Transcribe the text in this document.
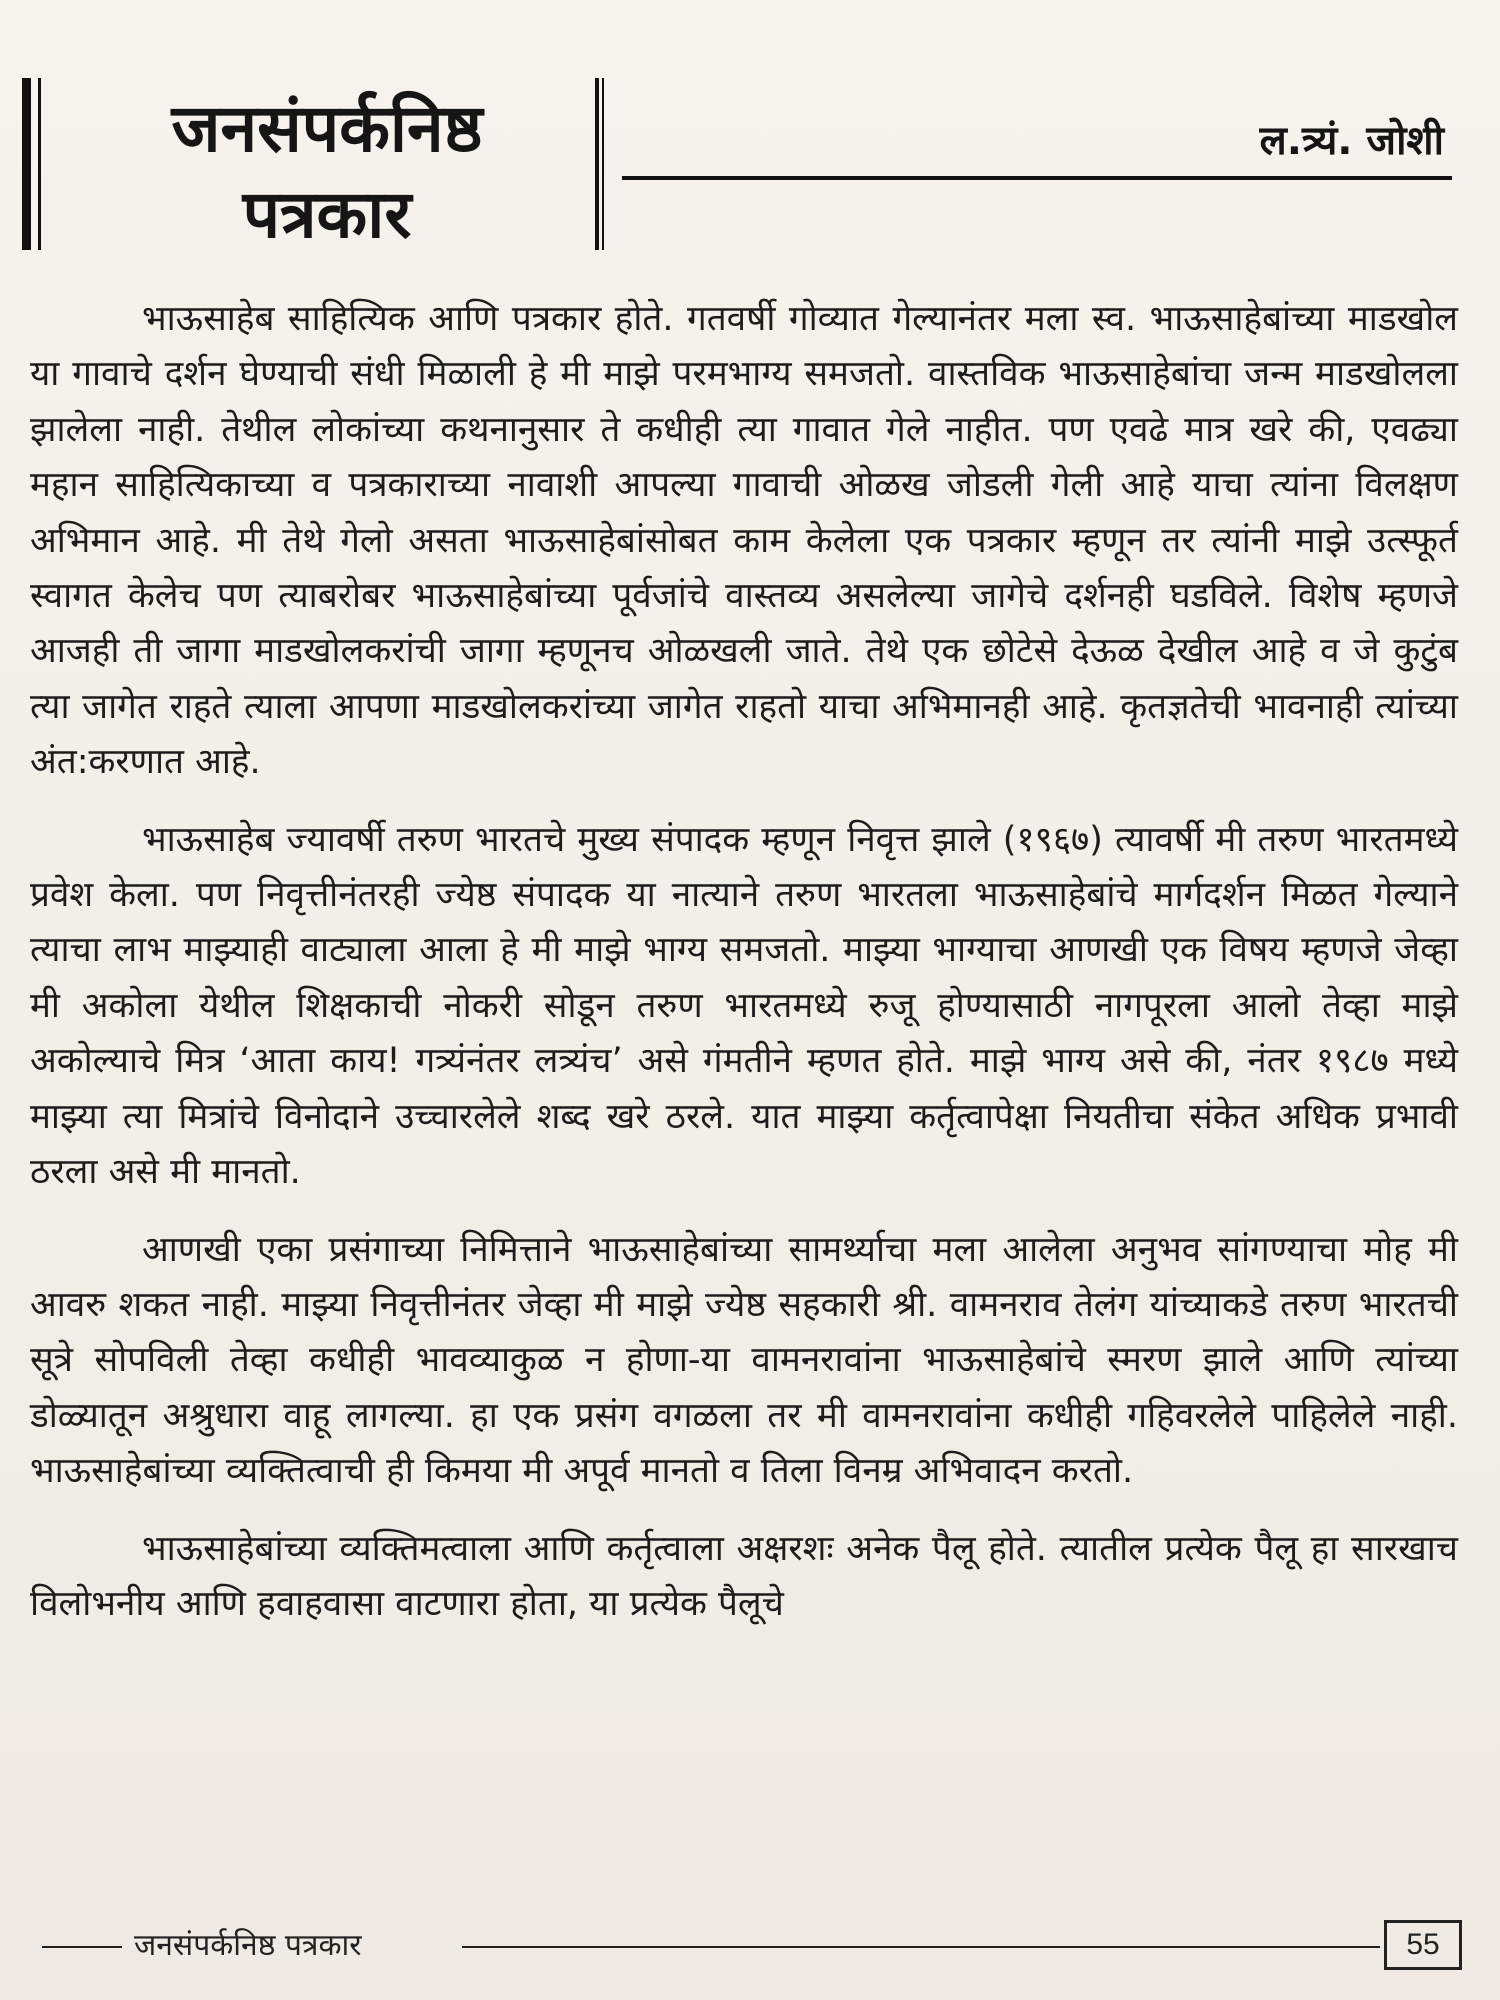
जनसंपर्कनिष्ठ
पत्रकार
ल.त्र्यं. जोशी

भाऊसाहेब साहित्यिक आणि पत्रकार होते. गतवर्षी गोव्यात गेल्यानंतर मला स्व. भाऊसाहेबांच्या माडखोल या गावाचे दर्शन घेण्याची संधी मिळाली हे मी माझे परमभाग्य समजतो. वास्तविक भाऊसाहेबांचा जन्म माडखोलला झालेला नाही. तेथील लोकांच्या कथनानुसार ते कधीही त्या गावात गेले नाहीत. पण एवढे मात्र खरे की, एवढ्या महान साहित्यिकाच्या व पत्रकाराच्या नावाशी आपल्या गावाची ओळख जोडली गेली आहे याचा त्यांना विलक्षण अभिमान आहे. मी तेथे गेलो असता भाऊसाहेबांसोबत काम केलेला एक पत्रकार म्हणून तर त्यांनी माझे उत्स्फूर्त स्वागत केलेच पण त्याबरोबर भाऊसाहेबांच्या पूर्वजांचे वास्तव्य असलेल्या जागेचे दर्शनही घडविले. विशेष म्हणजे आजही ती जागा माडखोलकरांची जागा म्हणूनच ओळखली जाते. तेथे एक छोटेसे देऊळ देखील आहे व जे कुटुंब त्या जागेत राहते त्याला आपणा माडखोलकरांच्या जागेत राहतो याचा अभिमानही आहे. कृतज्ञतेची भावनाही त्यांच्या अंत:करणात आहे.

भाऊसाहेब ज्यावर्षी तरुण भारतचे मुख्य संपादक म्हणून निवृत्त झाले (१९६७) त्यावर्षी मी तरुण भारतमध्ये प्रवेश केला. पण निवृत्तीनंतरही ज्येष्ठ संपादक या नात्याने तरुण भारतला भाऊसाहेबांचे मार्गदर्शन मिळत गेल्याने त्याचा लाभ माझ्याही वाट्याला आला हे मी माझे भाग्य समजतो. माझ्या भाग्याचा आणखी एक विषय म्हणजे जेव्हा मी अकोला येथील शिक्षकाची नोकरी सोडून तरुण भारतमध्ये रुजू होण्यासाठी नागपूरला आलो तेव्हा माझे अकोल्याचे मित्र ‘आता काय! गत्र्यंनंतर लत्र्यंच’ असे गंमतीने म्हणत होते. माझे भाग्य असे की, नंतर १९८७ मध्ये माझ्या त्या मित्रांचे विनोदाने उच्चारलेले शब्द खरे ठरले. यात माझ्या कर्तृत्वापेक्षा नियतीचा संकेत अधिक प्रभावी ठरला असे मी मानतो.

आणखी एका प्रसंगाच्या निमित्ताने भाऊसाहेबांच्या सामर्थ्याचा मला आलेला अनुभव सांगण्याचा मोह मी आवरु शकत नाही. माझ्या निवृत्तीनंतर जेव्हा मी माझे ज्येष्ठ सहकारी श्री. वामनराव तेलंग यांच्याकडे तरुण भारतची सूत्रे सोपविली तेव्हा कधीही भावव्याकुळ न होणा-या वामनरावांना भाऊसाहेबांचे स्मरण झाले आणि त्यांच्या डोळ्यातून अश्रुधारा वाहू लागल्या. हा एक प्रसंग वगळला तर मी वामनरावांना कधीही गहिवरलेले पाहिलेले नाही. भाऊसाहेबांच्या व्यक्तित्वाची ही किमया मी अपूर्व मानतो व तिला विनम्र अभिवादन करतो.

भाऊसाहेबांच्या व्यक्तिमत्वाला आणि कर्तृत्वाला अक्षरशः अनेक पैलू होते. त्यातील प्रत्येक पैलू हा सारखाच विलोभनीय आणि हवाहवासा वाटणारा होता, या प्रत्येक पैलूचे

जनसंपर्कनिष्ठ पत्रकार	55
